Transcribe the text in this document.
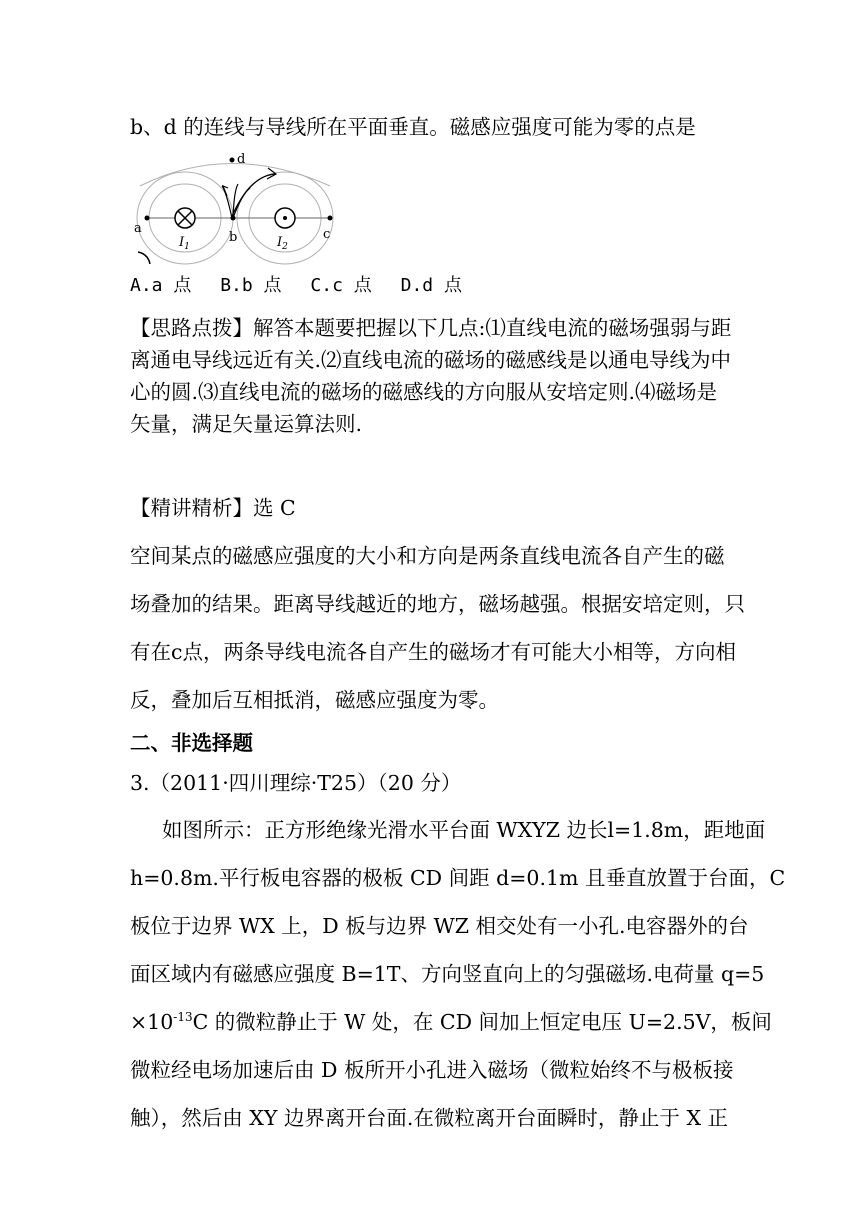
b、d 的连线与导线所在平面垂直。磁感应强度可能为零的点是
a
$I_1$
b
d
$I_2$
c
A.a 点 B.b 点 C.c 点 D.d 点
【思路点拨】解答本题要把握以下几点:⑴直线电流的磁场强弱与距
离通电导线远近有关.⑵直线电流的磁场的磁感线是以通电导线为中
心的圆.⑶直线电流的磁场的磁感线的方向服从安培定则.⑷磁场是
矢量，满足矢量运算法则.
【精讲精析】选 C
空间某点的磁感应强度的大小和方向是两条直线电流各自产生的磁
场叠加的结果。距离导线越近的地方，磁场越强。根据安培定则，只
有在c点，两条导线电流各自产生的磁场才有可能大小相等，方向相
反，叠加后互相抵消，磁感应强度为零。
二、非选择题
3.（2011·四川理综·T25）（20 分）
如图所示：正方形绝缘光滑水平台面 WXYZ 边长l=1.8m，距地面
h=0.8m.平行板电容器的极板 CD 间距 d=0.1m 且垂直放置于台面，C
板位于边界 WX 上，D 板与边界 WZ 相交处有一小孔.电容器外的台
面区域内有磁感应强度 B=1T、方向竖直向上的匀强磁场.电荷量 q=5
$\times 10^{-13}C$ 的微粒静止于 W 处，在 CD 间加上恒定电压 U=2.5V，板间
微粒经电场加速后由 D 板所开小孔进入磁场（微粒始终不与极板接
触），然后由 XY 边界离开台面.在微粒离开台面瞬时，静止于 X 正
